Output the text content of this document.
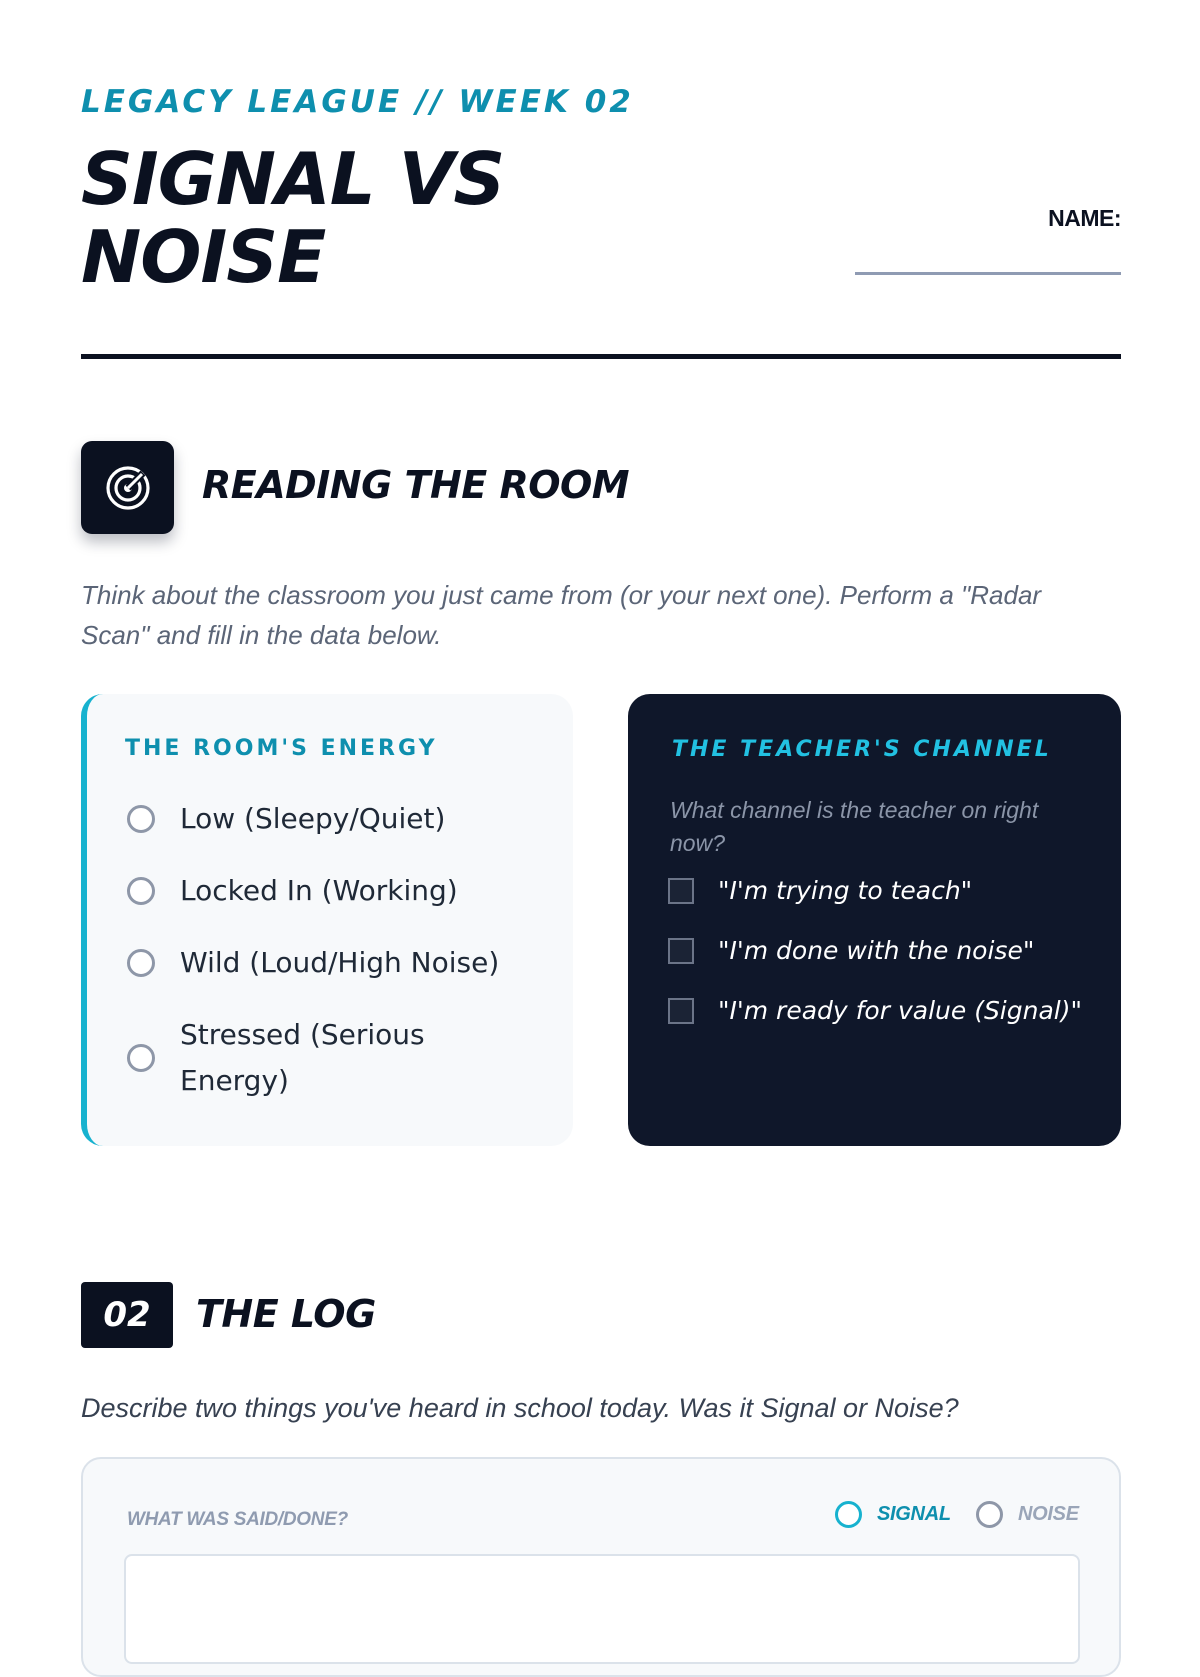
LEGACY LEAGUE // WEEK 02
SIGNAL VS
NOISE	NAME:
READING THE ROOM

Think about the classroom you just came from (or your next one). Perform a "Radar Scan" and fill in the data below.

THE ROOM'S ENERGY
Low (Sleepy/Quiet)
Locked In (Working)
Wild (Loud/High Noise)
Stressed (Serious Energy)
THE TEACHER'S CHANNEL

What channel is the teacher on right now?

"I'm trying to teach"
"I'm done with the noise"
"I'm ready for value (Signal)"
02	THE LOG

Describe two things you've heard in school today. Was it Signal or Noise?

WHAT WAS SAID/DONE?	SIGNAL	NOISE
